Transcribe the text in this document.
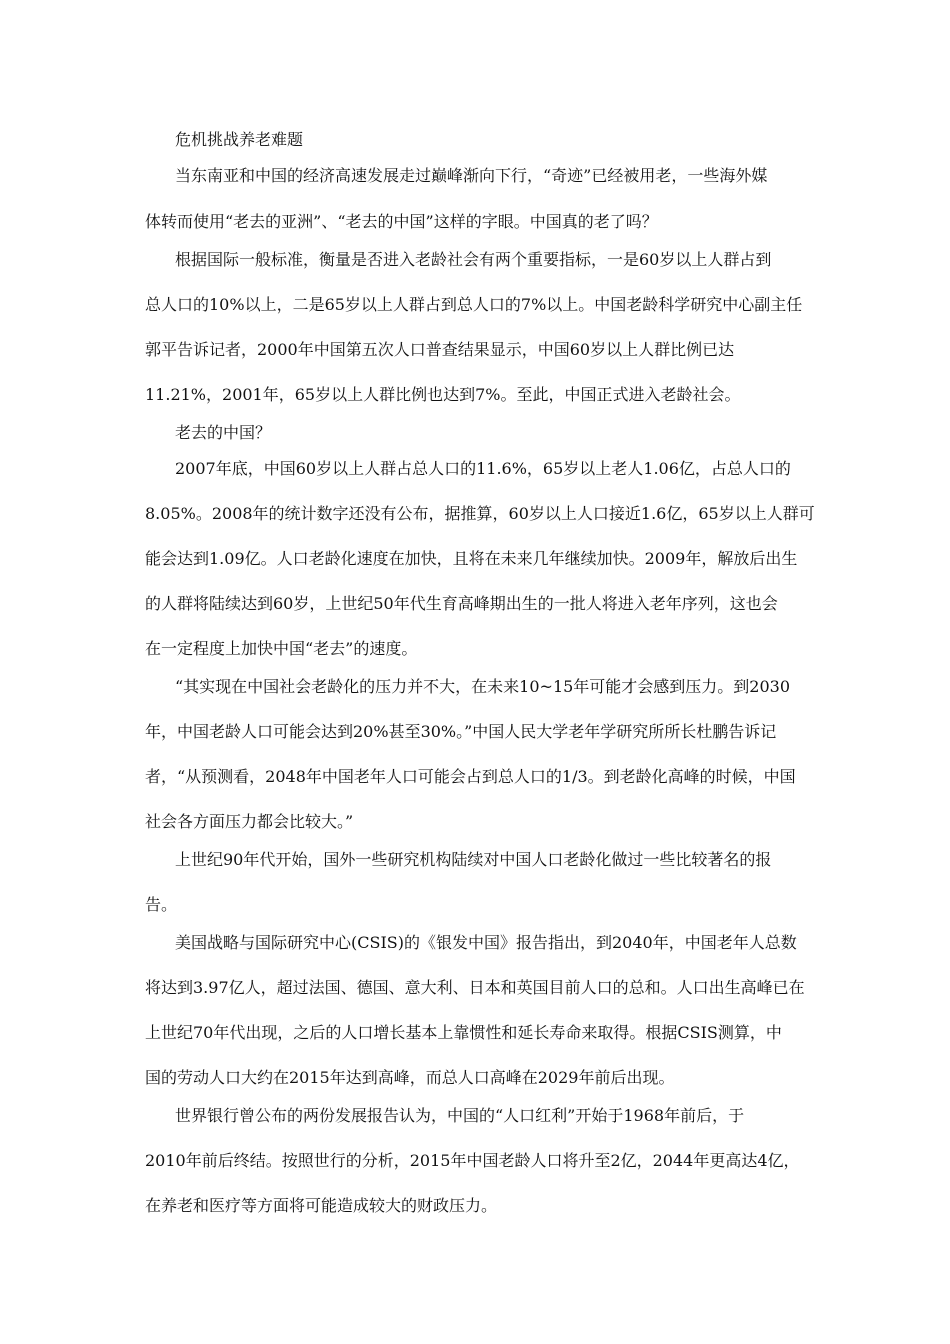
危机挑战养老难题

当东南亚和中国的经济高速发展走过巅峰渐向下行，“奇迹”已经被用老，一些海外媒

体转而使用“老去的亚洲”、“老去的中国”这样的字眼。中国真的老了吗？

根据国际一般标准，衡量是否进入老龄社会有两个重要指标，一是60岁以上人群占到

总人口的10%以上，二是65岁以上人群占到总人口的7%以上。中国老龄科学研究中心副主任

郭平告诉记者，2000年中国第五次人口普查结果显示，中国60岁以上人群比例已达

11.21%，2001年，65岁以上人群比例也达到7%。至此，中国正式进入老龄社会。

老去的中国？

2007年底，中国60岁以上人群占总人口的11.6%，65岁以上老人1.06亿，占总人口的

8.05%。2008年的统计数字还没有公布，据推算，60岁以上人口接近1.6亿，65岁以上人群可

能会达到1.09亿。人口老龄化速度在加快，且将在未来几年继续加快。2009年，解放后出生

的人群将陆续达到60岁，上世纪50年代生育高峰期出生的一批人将进入老年序列，这也会

在一定程度上加快中国“老去”的速度。

“其实现在中国社会老龄化的压力并不大，在未来10~15年可能才会感到压力。到2030

年，中国老龄人口可能会达到20%甚至30%。”中国人民大学老年学研究所所长杜鹏告诉记

者，“从预测看，2048年中国老年人口可能会占到总人口的1/3。到老龄化高峰的时候，中国

社会各方面压力都会比较大。”

上世纪90年代开始，国外一些研究机构陆续对中国人口老龄化做过一些比较著名的报

告。

美国战略与国际研究中心(CSIS)的《银发中国》报告指出，到2040年，中国老年人总数

将达到3.97亿人，超过法国、德国、意大利、日本和英国目前人口的总和。人口出生高峰已在

上世纪70年代出现，之后的人口增长基本上靠惯性和延长寿命来取得。根据CSIS测算，中

国的劳动人口大约在2015年达到高峰，而总人口高峰在2029年前后出现。

世界银行曾公布的两份发展报告认为，中国的“人口红利”开始于1968年前后，于

2010年前后终结。按照世行的分析，2015年中国老龄人口将升至2亿，2044年更高达4亿，

在养老和医疗等方面将可能造成较大的财政压力。
